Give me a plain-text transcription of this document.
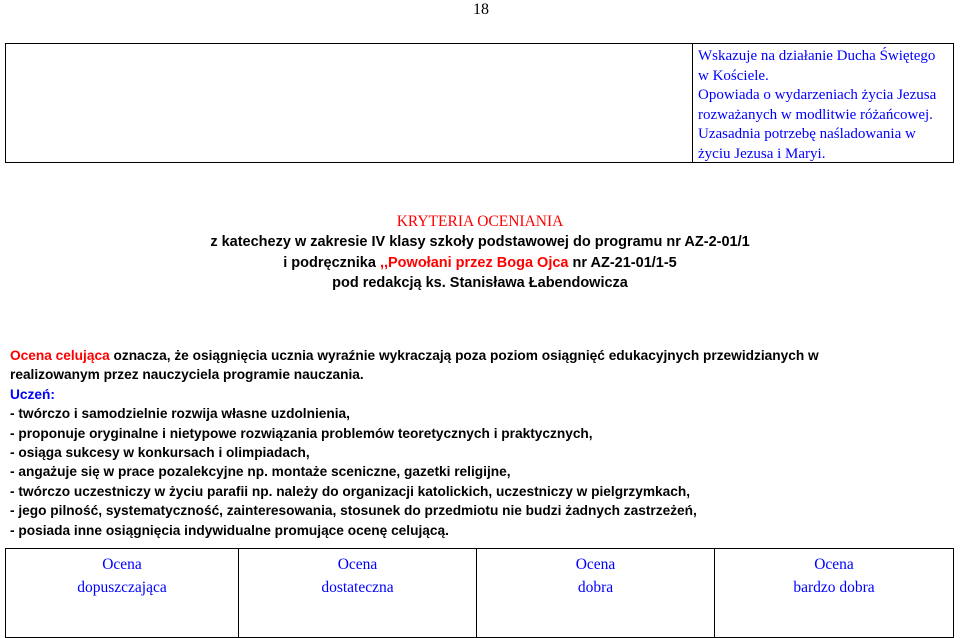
18
Wskazuje na działanie Ducha Świętego
w Kościele.
Opowiada o wydarzeniach życia Jezusa
rozważanych w modlitwie różańcowej.
Uzasadnia potrzebę naśladowania w
życiu Jezusa i Maryi.
KRYTERIA OCENIANIA
z katechezy w zakresie IV klasy szkoły podstawowej do programu nr AZ-2-01/1
i podręcznika ,,Powołani przez Boga Ojca nr AZ-21-01/1-5
pod redakcją ks. Stanisława Łabendowicza
Ocena celująca oznacza, że osiągnięcia ucznia wyraźnie wykraczają poza poziom osiągnięć edukacyjnych przewidzianych w
realizowanym przez nauczyciela programie nauczania.
Uczeń:
- twórczo i samodzielnie rozwija własne uzdolnienia,
- proponuje oryginalne i nietypowe rozwiązania problemów teoretycznych i praktycznych,
- osiąga sukcesy w konkursach i olimpiadach,
- angażuje się w prace pozalekcyjne np. montaże sceniczne, gazetki religijne,
- twórczo uczestniczy w życiu parafii np. należy do organizacji katolickich, uczestniczy w pielgrzymkach,
- jego pilność, systematyczność, zainteresowania, stosunek do przedmiotu nie budzi żadnych zastrzeżeń,
- posiada inne osiągnięcia indywidualne promujące ocenę celującą.
Ocena
dopuszczająca
Ocena
dostateczna
Ocena
dobra
Ocena
bardzo dobra
